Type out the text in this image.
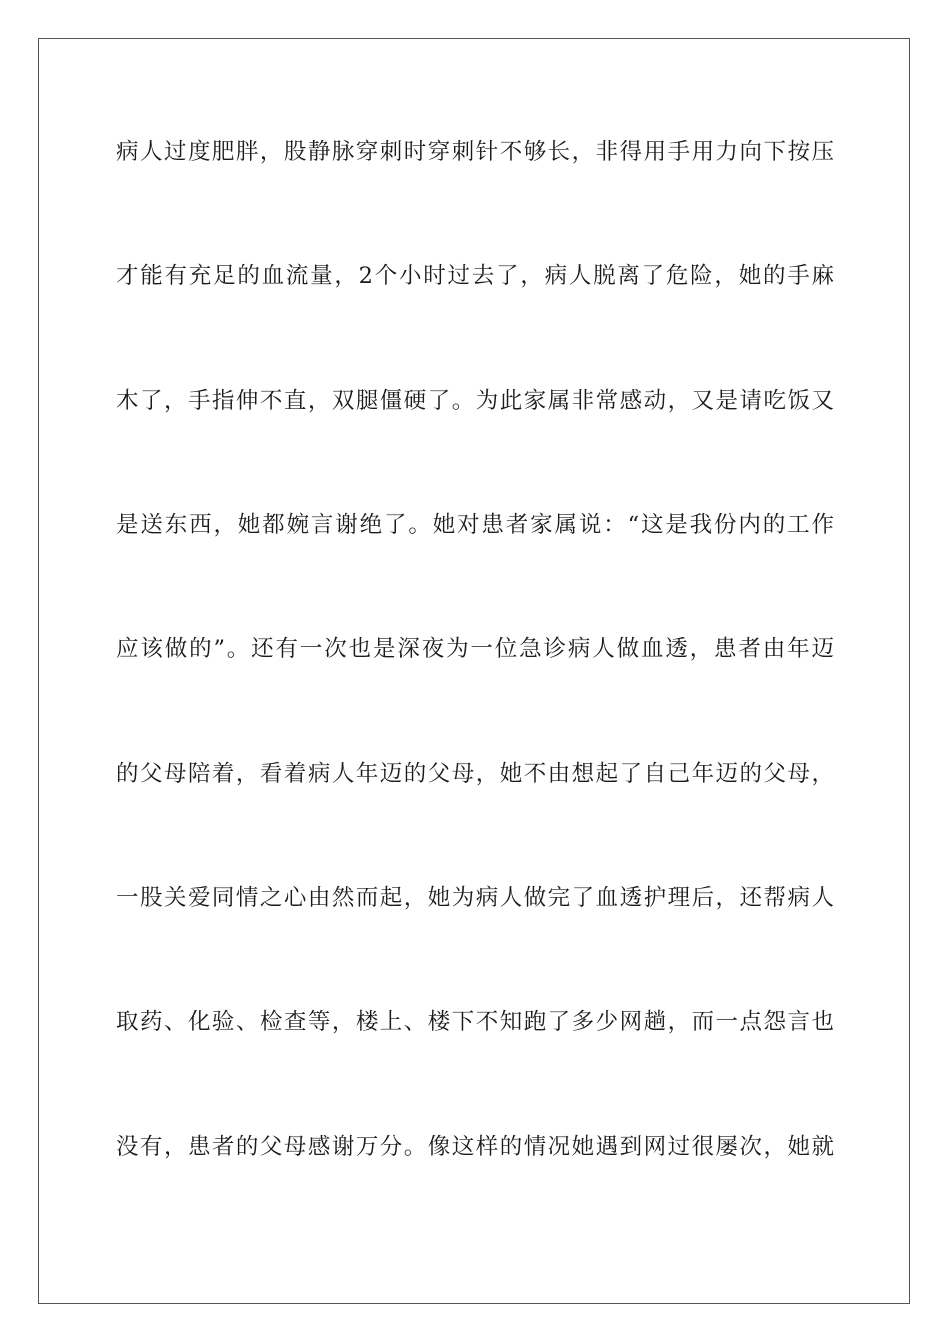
病人过度肥胖，股静脉穿刺时穿刺针不够长，非得用手用力向下按压
才能有充足的血流量，2个小时过去了，病人脱离了危险，她的手麻
木了，手指伸不直，双腿僵硬了。为此家属非常感动，又是请吃饭又
是送东西，她都婉言谢绝了。她对患者家属说：“这是我份内的工作
应该做的”。还有一次也是深夜为一位急诊病人做血透，患者由年迈
的父母陪着，看着病人年迈的父母，她不由想起了自己年迈的父母，
一股关爱同情之心由然而起，她为病人做完了血透护理后，还帮病人
取药、化验、检查等，楼上、楼下不知跑了多少网趟，而一点怨言也
没有，患者的父母感谢万分。像这样的情况她遇到网过很屡次，她就
